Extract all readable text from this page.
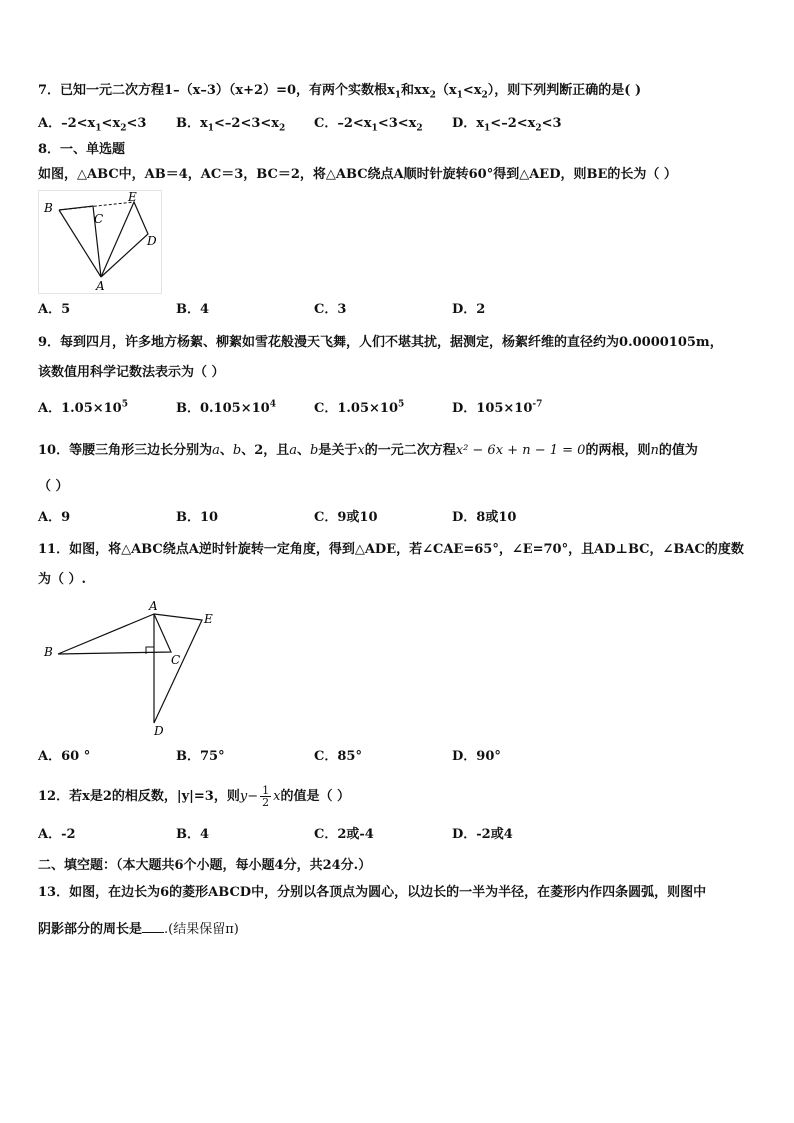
7．已知一元二次方程1–（x–3）（x+2）=0，有两个实数根$x_1$和$xx_2(x_1<x_2)$，则下列判断正确的是( )
A．$-2<x_1<x_2<3$ B．$x_1<-2<3<x_2$ C．$-2<x_1<3<x_2$ D．$x_1<-2<x_2<3$
8．一、单选题
如图，△ABC中，AB＝4，AC＝3，BC＝2，将△ABC绕点A顺时针旋转60°得到△AED，则BE的长为（ ）
B
C
E
D
A
A．5	B．4	C．3	D．2
9．每到四月，许多地方杨絮、柳絮如雪花般漫天飞舞，人们不堪其扰，据测定，杨絮纤维的直径约为0.0000105m，
该数值用科学记数法表示为（ ）
A．$1.05\times 10^5$	B．$0.105\times 10^4$	C．$1.05\times 10^5$	D．$105\times 10^{-7}$
10．等腰三角形三边长分别为a、b、2，且a、b是关于x的一元二次方程x² − 6x + n − 1 = 0的两根，则n的值为
（ ）
A．9	B．10	C．9或10	D．8或10
11．如图，将△ABC绕点A逆时针旋转一定角度，得到△ADE，若∠CAE=65°，∠E=70°，且AD⊥BC，∠BAC的度数
为（ ）.
A
B
C
D
E
A．60 °	B．75°	C．85°	D．90°
12．若x是2的相反数，|y|=3，则$y- \frac{1}{2}$ x的值是（ ）
A．-2	B．4	C．2或-4	D．-2或4
二、填空题：（本大题共6个小题，每小题4分，共24分.）
13．如图，在边长为6的菱形ABCD中，分别以各顶点为圆心，以边长的一半为半径，在菱形内作四条圆弧，则图中
阴影部分的周长是 .(结果保留π)
